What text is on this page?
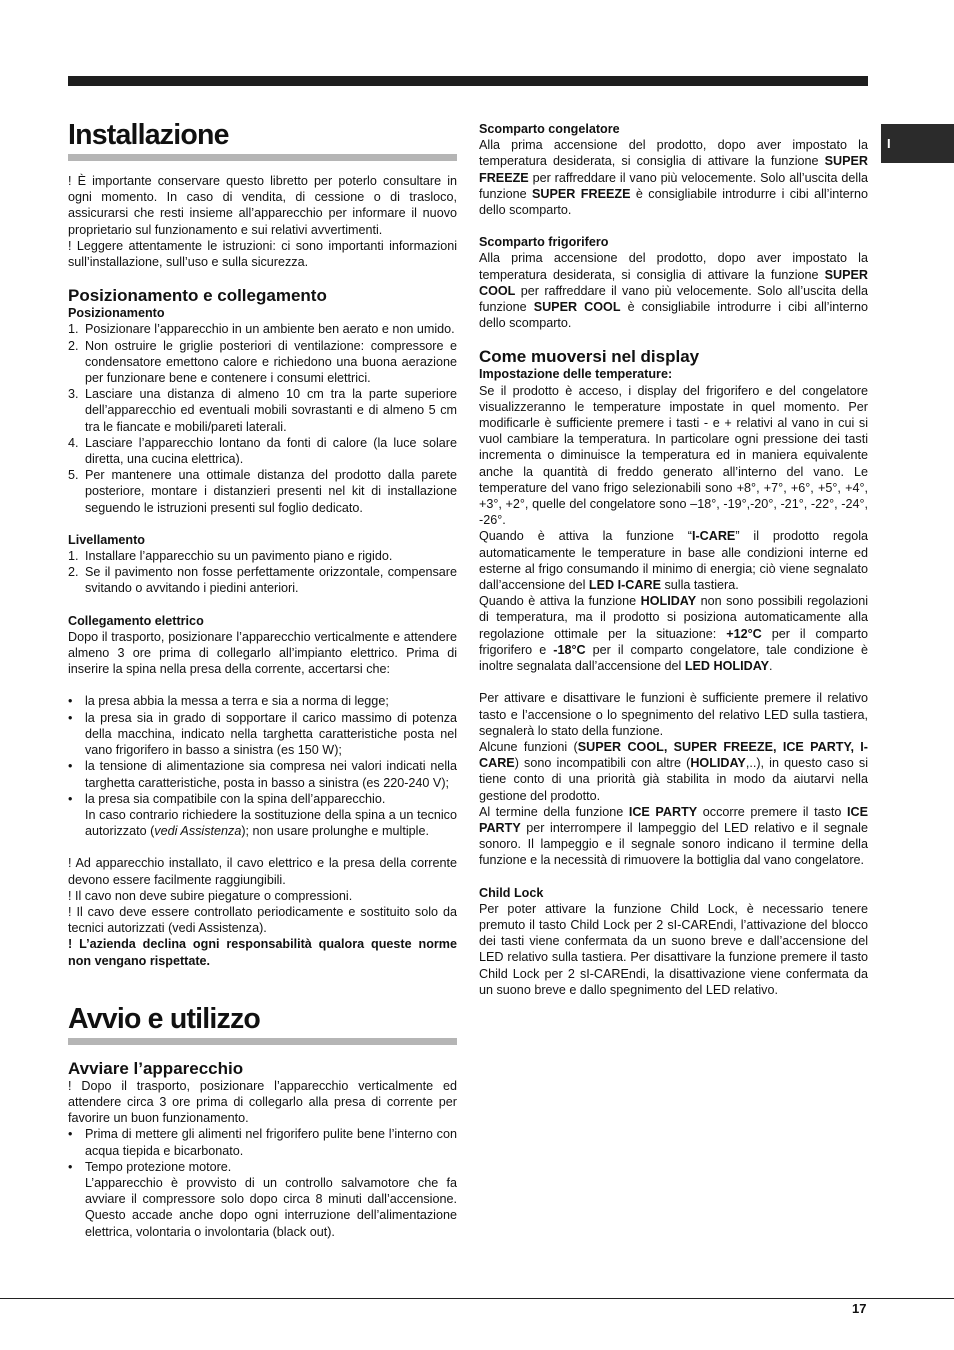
I
Installazione

! È importante conservare questo libretto per poterlo consultare in ogni momento. In caso di vendita, di cessione o di trasloco, assicurarsi che resti insieme all’apparecchio per informare il nuovo proprietario sul funzionamento e sui relativi avvertimenti.

! Leggere attentamente le istruzioni: ci sono importanti informazioni sull’installazione, sull’uso e sulla sicurezza.

Posizionamento e collegamento
Posizionamento
1. Posizionare l’apparecchio in un ambiente ben aerato e non umido.
2. Non ostruire le griglie posteriori di ventilazione: compressore e condensatore emettono calore e richiedono una buona aerazione per funzionare bene e contenere i consumi elettrici.
3. Lasciare una distanza di almeno 10 cm tra la parte superiore dell’apparecchio ed eventuali mobili sovrastanti e di almeno 5 cm tra le fiancate e mobili/pareti laterali.
4. Lasciare l’apparecchio lontano da fonti di calore (la luce solare diretta, una cucina elettrica).
5. Per mantenere una ottimale distanza del prodotto dalla parete posteriore, montare i distanzieri presenti nel kit di installazione seguendo le istruzioni presenti sul foglio dedicato.
Livellamento
1. Installare l’apparecchio su un pavimento piano e rigido.
2. Se il pavimento non fosse perfettamente orizzontale, compensare svitando o avvitando i piedini anteriori.
Collegamento elettrico

Dopo il trasporto, posizionare l’apparecchio verticalmente e attendere almeno 3 ore prima di collegarlo all’impianto elettrico. Prima di inserire la spina nella presa della corrente, accertarsi che:

• la presa abbia la messa a terra e sia a norma di legge;
• la presa sia in grado di sopportare il carico massimo di potenza della macchina, indicato nella targhetta caratteristiche posta nel vano frigorifero in basso a sinistra (es 150 W);
• la tensione di alimentazione sia compresa nei valori indicati nella targhetta caratteristiche, posta in basso a sinistra (es 220-240 V);
• la presa sia compatibile con la spina dell’apparecchio.

In caso contrario richiedere la sostituzione della spina a un tecnico autorizzato (vedi Assistenza); non usare prolunghe e multiple.

! Ad apparecchio installato, il cavo elettrico e la presa della corrente devono essere facilmente raggiungibili.

! Il cavo non deve subire piegature o compressioni.

! Il cavo deve essere controllato periodicamente e sostituito solo da tecnici autorizzati (vedi Assistenza).

! L’azienda declina ogni responsabilità qualora queste norme non vengano rispettate.

Avvio e utilizzo
Avviare l’apparecchio

! Dopo il trasporto, posizionare l’apparecchio verticalmente ed attendere circa 3 ore prima di collegarlo alla presa di corrente per favorire un buon funzionamento.

• Prima di mettere gli alimenti nel frigorifero pulite bene l’interno con acqua tiepida e bicarbonato.
• Tempo protezione motore.

L’apparecchio è provvisto di un controllo salvamotore che fa avviare il compressore solo dopo circa 8 minuti dall’accensione. Questo accade anche dopo ogni interruzione dell’alimentazione elettrica, volontaria o involontaria (black out).

Scomparto congelatore

Alla prima accensione del prodotto, dopo aver impostato la temperatura desiderata, si consiglia di attivare la funzione SUPER FREEZE per raffreddare il vano più velocemente. Solo all’uscita della funzione SUPER FREEZE è consigliabile introdurre i cibi all’interno dello scomparto.

Scomparto frigorifero

Alla prima accensione del prodotto, dopo aver impostato la temperatura desiderata, si consiglia di attivare la funzione SUPER COOL per raffreddare il vano più velocemente. Solo all’uscita della funzione SUPER COOL è consigliabile introdurre i cibi all’interno dello scomparto.

Come muoversi nel display
Impostazione delle temperature:

Se il prodotto è acceso, i display del frigorifero e del congelatore visualizzeranno le temperature impostate in quel momento. Per modificarle è sufficiente premere i tasti - e + relativi al vano in cui si vuol cambiare la temperatura. In particolare ogni pressione dei tasti incrementa o diminuisce la temperatura ed in maniera equivalente anche la quantità di freddo generato all’interno del vano. Le temperature del vano frigo selezionabili sono +8°, +7°, +6°, +5°, +4°, +3°, +2°, quelle del congelatore sono –18°, -19°,-20°, -21°, -22°, -24°, -26°.

Quando è attiva la funzione “I-CARE” il prodotto regola automaticamente le temperature in base alle condizioni interne ed esterne al frigo consumando il minimo di energia; ciò viene segnalato dall’accensione del LED I-CARE sulla tastiera.

Quando è attiva la funzione HOLIDAY non sono possibili regolazioni di temperatura, ma il prodotto si posiziona automaticamente alla regolazione ottimale per la situazione: +12°C per il comparto frigorifero e -18°C per il comparto congelatore, tale condizione è inoltre segnalata dall’accensione del LED HOLIDAY.

Per attivare e disattivare le funzioni è sufficiente premere il relativo tasto e l’accensione o lo spegnimento del relativo LED sulla tastiera, segnalerà lo stato della funzione.

Alcune funzioni (SUPER COOL, SUPER FREEZE, ICE PARTY, I-CARE) sono incompatibili con altre (HOLIDAY,..), in questo caso si tiene conto di una priorità già stabilita in modo da aiutarvi nella gestione del prodotto.

Al termine della funzione ICE PARTY occorre premere il tasto ICE PARTY per interrompere il lampeggio del LED relativo e il segnale sonoro. Il lampeggio e il segnale sonoro indicano il termine della funzione e la necessità di rimuovere la bottiglia dal vano congelatore.

Child Lock

Per poter attivare la funzione Child Lock, è necessario tenere premuto il tasto Child Lock per 2 sI-CAREndi, l’attivazione del blocco dei tasti viene confermata da un suono breve e dall’accensione del LED relativo sulla tastiera. Per disattivare la funzione premere il tasto Child Lock per 2 sI-CAREndi, la disattivazione viene confermata da un suono breve e dallo spegnimento del LED relativo.

17
